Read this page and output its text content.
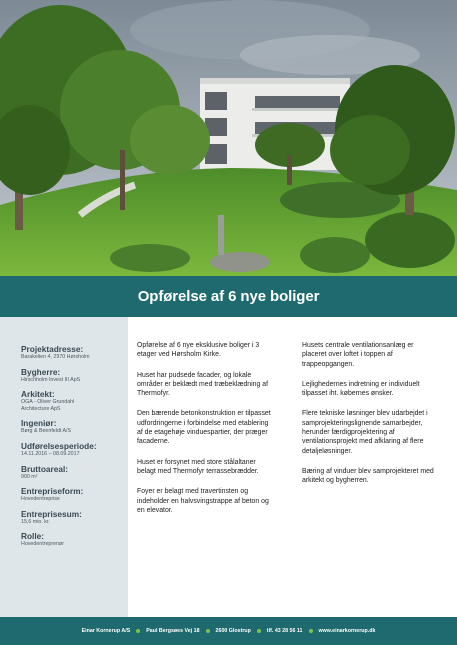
Opførelse af 6 nye boliger
Projektadresse:
Barakelien 4, 2970 Hørsholm
Bygherre:
Hirschholm Invest III ApS
Arkitekt:
OGA - Oliver Grundahl
Architecture ApS
Ingeniør:
Børg & Beenfeldt A/S
Udførelsesperiode:
14.11.2016 – 08.09.2017
Bruttoareal:
900 m²
Entrepriseform:
Hovedentreprise
Entreprisesum:
15,6 mio. kr.
Rolle:
Hovedentreprenør

Opførelse af 6 nye eksklusive boliger i 3 etager ved Hørsholm Kirke.

Huset har pudsede facader, og lokale områder er beklædt med træbeklædning af Thermofyr.

Den bærende betonkonstruktion er tilpasset udfordringerne i forbindelse med etablering af de etagehøje vinduespartier, der præger facaderne.

Huset er forsynet med store stålaltaner belagt med Thermofyr terrassebrædder.

Foyer er belagt med travertinsten og indeholder en halvsvingstrappe af beton og en elevator.

Husets centrale ventilationsanlæg er placeret over loftet i toppen af trappeopgangen.

Lejlighedernes indretning er individuelt tilpasset iht. købernes ønsker.

Flere tekniske løsninger blev udarbejdet i samprojekteringslignende samarbejder, herunder færdigprojektering af ventilationsprojekt med afklaring af flere detaljeløsninger.

Bæring af vinduer blev samprojekteret med arkitekt og bygherren.

Einar Kornerup A/S	Paul Bergsøes Vej 18	2600 Glostrup	tlf. 43 28 56 11	www.einarkornerup.dk
